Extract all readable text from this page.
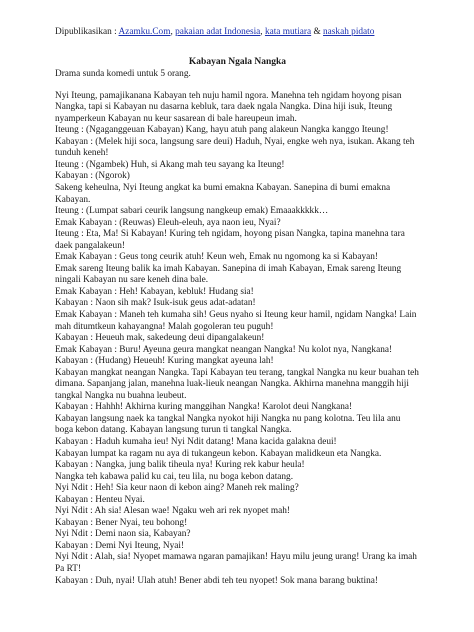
Dipublikasikan : Azamku.Com, pakaian adat Indonesia, kata mutiara & naskah pidato
Kabayan Ngala Nangka
Drama sunda komedi untuk 5 orang.

Nyi Iteung, pamajikanana Kabayan teh nuju hamil ngora. Manehna teh ngidam hoyong pisan Nangka, tapi si Kabayan nu dasarna kebluk, tara daek ngala Nangka. Dina hiji isuk, Iteung nyamperkeun Kabayan nu keur sasarean di bale hareupeun imah.

Iteung : (Ngaganggeuan Kabayan) Kang, hayu atuh pang alakeun Nangka kanggo Iteung!

Kabayan : (Melek hiji soca, langsung sare deui) Haduh, Nyai, engke weh nya, isukan. Akang teh tunduh keneh!

Iteung : (Ngambek) Huh, si Akang mah teu sayang ka Iteung!

Kabayan : (Ngorok)

Sakeng keheulna, Nyi Iteung angkat ka bumi emakna Kabayan. Sanepina di bumi emakna Kabayan.

Iteung : (Lumpat sabari ceurik langsung nangkeup emak) Emaaakkkkk…

Emak Kabayan : (Reuwas) Eleuh-eleuh, aya naon ieu, Nyai?

Iteung : Eta, Ma! Si Kabayan! Kuring teh ngidam, hoyong pisan Nangka, tapina manehna tara daek pangalakeun!

Emak Kabayan : Geus tong ceurik atuh! Keun weh, Emak nu ngomong ka si Kabayan!

Emak sareng Iteung balik ka imah Kabayan. Sanepina di imah Kabayan, Emak sareng Iteung ningali Kabayan nu sare keneh dina bale.

Emak Kabayan : Heh! Kabayan, kebluk! Hudang sia!

Kabayan : Naon sih mak? Isuk-isuk geus adat-adatan!

Emak Kabayan : Maneh teh kumaha sih! Geus nyaho si Iteung keur hamil, ngidam Nangka! Lain mah ditumtkeun kahayangna! Malah gogoleran teu puguh!

Kabayan : Heueuh mak, sakedeung deui dipangalakeun!

Emak Kabayan : Buru! Ayeuna geura mangkat neangan Nangka! Nu kolot nya, Nangkana!

Kabayan : (Hudang) Heueuh! Kuring mangkat ayeuna lah!

Kabayan mangkat neangan Nangka. Tapi Kabayan teu terang, tangkal Nangka nu keur buahan teh dimana. Sapanjang jalan, manehna luak-lieuk neangan Nangka. Akhirna manehna manggih hiji tangkal Nangka nu buahna leubeut.

Kabayan : Hahhh! Akhirna kuring manggihan Nangka! Karolot deui Nangkana!

Kabayan langsung naek ka tangkal Nangka nyokot hiji Nangka nu pang kolotna. Teu lila anu boga kebon datang. Kabayan langsung turun ti tangkal Nangka.

Kabayan : Haduh kumaha ieu! Nyi Ndit datang! Mana kacida galakna deui!

Kabayan lumpat ka ragam nu aya di tukangeun kebon. Kabayan malidkeun eta Nangka.

Kabayan : Nangka, jung balik tiheula nya! Kuring rek kabur heula!

Nangka teh kabawa palid ku cai, teu lila, nu boga kebon datang.

Nyi Ndit : Heh! Sia keur naon di kebon aing? Maneh rek maling?

Kabayan : Henteu Nyai.

Nyi Ndit : Ah sia! Alesan wae! Ngaku weh ari rek nyopet mah!

Kabayan : Bener Nyai, teu bohong!

Nyi Ndit : Demi naon sia, Kabayan?

Kabayan : Demi Nyi Iteung, Nyai!

Nyi Ndit : Alah, sia! Nyopet mamawa ngaran pamajikan! Hayu milu jeung urang! Urang ka imah Pa RT!

Kabayan : Duh, nyai! Ulah atuh! Bener abdi teh teu nyopet! Sok mana barang buktina!
